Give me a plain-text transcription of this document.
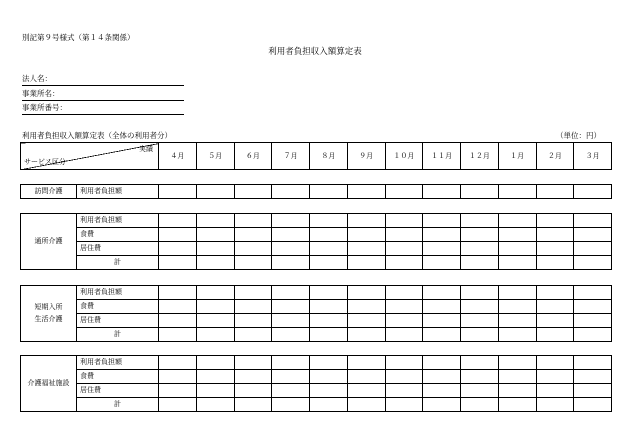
別記第９号様式（第１４条関係）
利用者負担収入額算定表
法人名：
事業所名：
事業所番号：
利用者負担収入額算定表（全体の利用者分）	（単位：円）
実績
サービス区分
	４月	５月	６月	７月	８月	９月	１０月	１１月	１２月	１月	２月	３月
訪問介護	利用者負担額												
通所介護	利用者負担額												
	食費												
	居住費												
	計												
短期入所
生活介護	利用者負担額												
	食費												
	居住費												
	計												
介護福祉施設	利用者負担額												
	食費												
	居住費												
	計												
